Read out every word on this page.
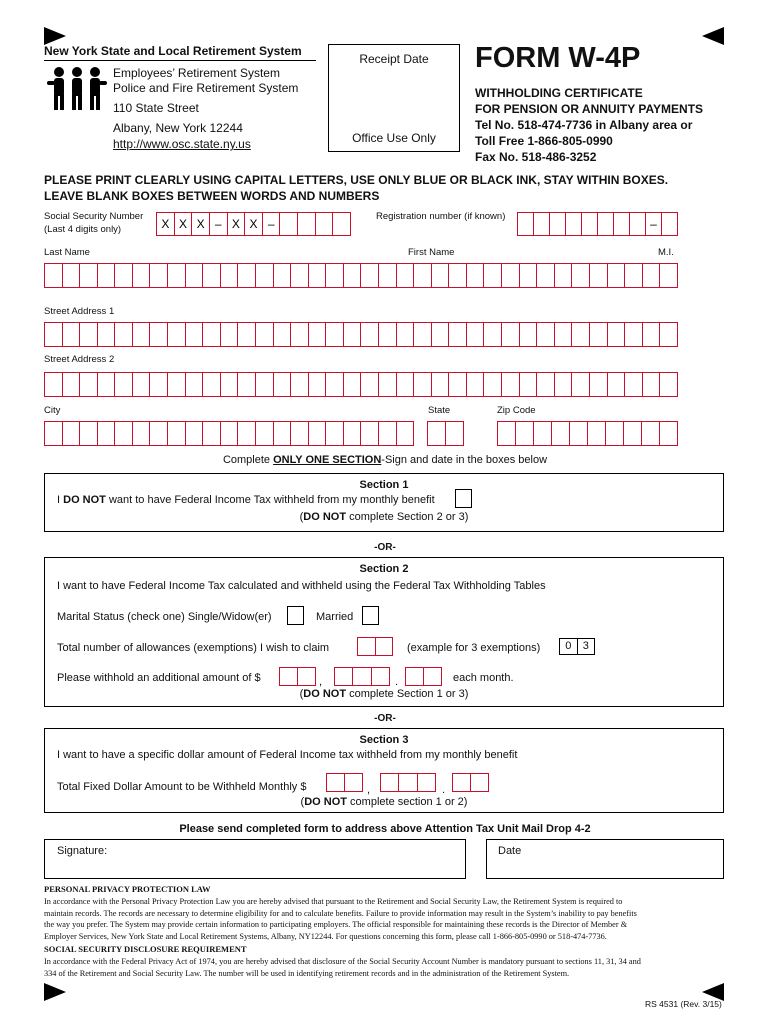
New York State and Local Retirement System
Employees’ Retirement System
Police and Fire Retirement System
110 State Street
Albany, New York 12244
http://www.osc.state.ny.us
Receipt Date
Office Use Only
FORM W-4P
WITHHOLDING CERTIFICATE
FOR PENSION OR ANNUITY PAYMENTS
Tel No. 518-474-7736 in Albany area or
Toll Free 1-866-805-0990
Fax No. 518-486-3252
PLEASE PRINT CLEARLY USING CAPITAL LETTERS, USE ONLY BLUE OR BLACK INK, STAY WITHIN BOXES.
LEAVE BLANK BOXES BETWEEN WORDS AND NUMBERS
Social Security Number
(Last 4 digits only)	X X X – X X –
Registration number (if known)
–
Last Name	First Name	M.I.
Street Address 1
Street Address 2
City	State	Zip Code
Complete ONLY ONE SECTION-Sign and date in the boxes below
Section 1
I DO NOT want to have Federal Income Tax withheld from my monthly benefit
(DO NOT complete Section 2 or 3)
-OR-
Section 2
I want to have Federal Income Tax calculated and withheld using the Federal Tax Withholding Tables
Marital Status (check one) Single/Widow(er)	Married
Total number of allowances (exemptions) I wish to claim	(example for 3 exemptions)
Please withhold an additional amount of $	,	.	each month.
(DO NOT complete Section 1 or 3)
0	3
-OR-
Section 3
I want to have a specific dollar amount of Federal Income tax withheld from my monthly benefit
Total Fixed Dollar Amount to be Withheld Monthly $	,	.
(DO NOT complete section 1 or 2)
Please send completed form to address above Attention Tax Unit Mail Drop 4-2
Signature:	Date
PERSONAL PRIVACY PROTECTION LAW
In accordance with the Personal Privacy Protection Law you are hereby advised that pursuant to the Retirement and Social Security Law, the Retirement System is required to
maintain records. The records are necessary to determine eligibility for and to calculate benefits. Failure to provide information may result in the System’s inability to pay benefits
the way you prefer. The System may provide certain information to participating employers. The official responsible for maintaining these records is the Director of Member &
Employer Services, New York State and Local Retirement Systems, Albany, NY12244. For questions concerning this form, please call 1-866-805-0990 or 518-474-7736.
SOCIAL SECURITY DISCLOSURE REQUIREMENT
In accordance with the Federal Privacy Act of 1974, you are hereby advised that disclosure of the Social Security Account Number is mandatory pursuant to sections 11, 31, 34 and
334 of the Retirement and Social Security Law. The number will be used in identifying retirement records and in the administration of the Retirement System.
RS 4531 (Rev. 3/15)
